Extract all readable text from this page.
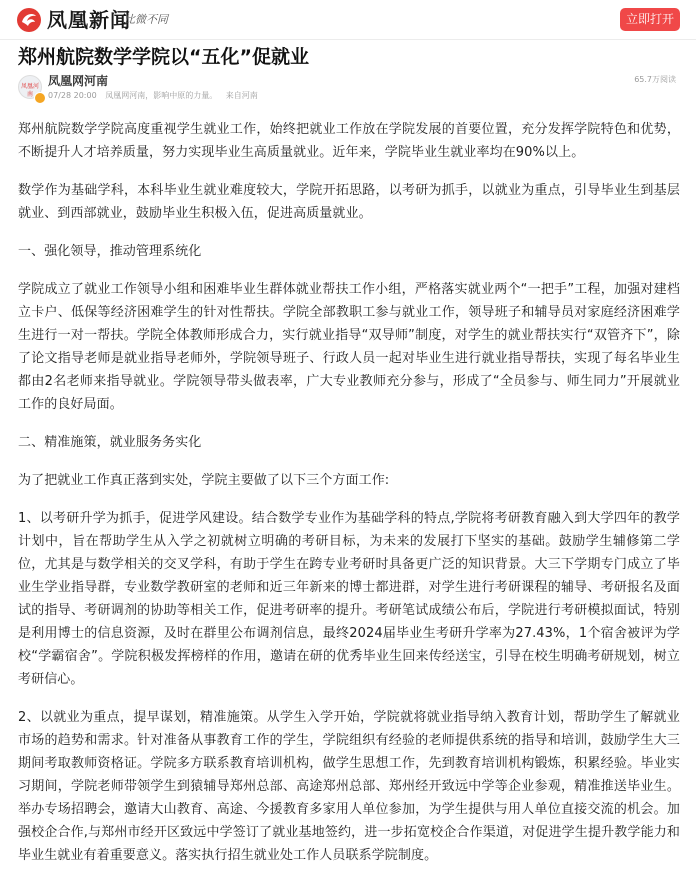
凤凰新闻
比微不同	立即打开
郑州航院数学学院以“五化”促就业
凤凰河南
凤凰网河南
07/28 20:00 凤凰网河南，影响中原的力量。 来自河南
65.7万阅读

郑州航院数学学院高度重视学生就业工作，始终把就业工作放在学院发展的首要位置，充分发挥学院特色和优势，不断提升人才培养质量，努力实现毕业生高质量就业。近年来，学院毕业生就业率均在90%以上。

数学作为基础学科，本科毕业生就业难度较大，学院开拓思路，以考研为抓手，以就业为重点，引导毕业生到基层就业、到西部就业，鼓励毕业生积极入伍，促进高质量就业。

一、强化领导，推动管理系统化

学院成立了就业工作领导小组和困难毕业生群体就业帮扶工作小组，严格落实就业两个“一把手”工程，加强对建档立卡户、低保等经济困难学生的针对性帮扶。学院全部教职工参与就业工作，领导班子和辅导员对家庭经济困难学生进行一对一帮扶。学院全体教师形成合力，实行就业指导“双导师”制度，对学生的就业帮扶实行“双管齐下”，除了论文指导老师是就业指导老师外，学院领导班子、行政人员一起对毕业生进行就业指导帮扶，实现了每名毕业生都由2名老师来指导就业。学院领导带头做表率，广大专业教师充分参与，形成了“全员参与、师生同力”开展就业工作的良好局面。

二、精准施策，就业服务务实化

为了把就业工作真正落到实处，学院主要做了以下三个方面工作:

1、以考研升学为抓手，促进学风建设。结合数学专业作为基础学科的特点,学院将考研教育融入到大学四年的教学计划中，旨在帮助学生从入学之初就树立明确的考研目标，为未来的发展打下坚实的基础。鼓励学生辅修第二学位，尤其是与数学相关的交叉学科，有助于学生在跨专业考研时具备更广泛的知识背景。大三下学期专门成立了毕业生学业指导群，专业数学教研室的老师和近三年新来的博士都进群，对学生进行考研课程的辅导、考研报名及面试的指导、考研调剂的协助等相关工作，促进考研率的提升。考研笔试成绩公布后，学院进行考研模拟面试，特别是利用博士的信息资源，及时在群里公布调剂信息，最终2024届毕业生考研升学率为27.43%，1个宿舍被评为学校“学霸宿舍”。学院积极发挥榜样的作用，邀请在研的优秀毕业生回来传经送宝，引导在校生明确考研规划，树立考研信心。

2、以就业为重点，提早谋划，精准施策。从学生入学开始，学院就将就业指导纳入教育计划，帮助学生了解就业市场的趋势和需求。针对准备从事教育工作的学生，学院组织有经验的老师提供系统的指导和培训，鼓励学生大三期间考取教师资格证。学院多方联系教育培训机构，做学生思想工作，先到教育培训机构锻炼，积累经验。毕业实习期间，学院老师带领学生到猿辅导郑州总部、高途郑州总部、郑州经开致远中学等企业参观，精准推送毕业生。举办专场招聘会，邀请大山教育、高途、今援教育多家用人单位参加，为学生提供与用人单位直接交流的机会。加强校企合作,与郑州市经开区致远中学签订了就业基地签约，进一步拓宽校企合作渠道，对促进学生提升教学能力和毕业生就业有着重要意义。落实执行招生就业处工作人员联系学院制度。
